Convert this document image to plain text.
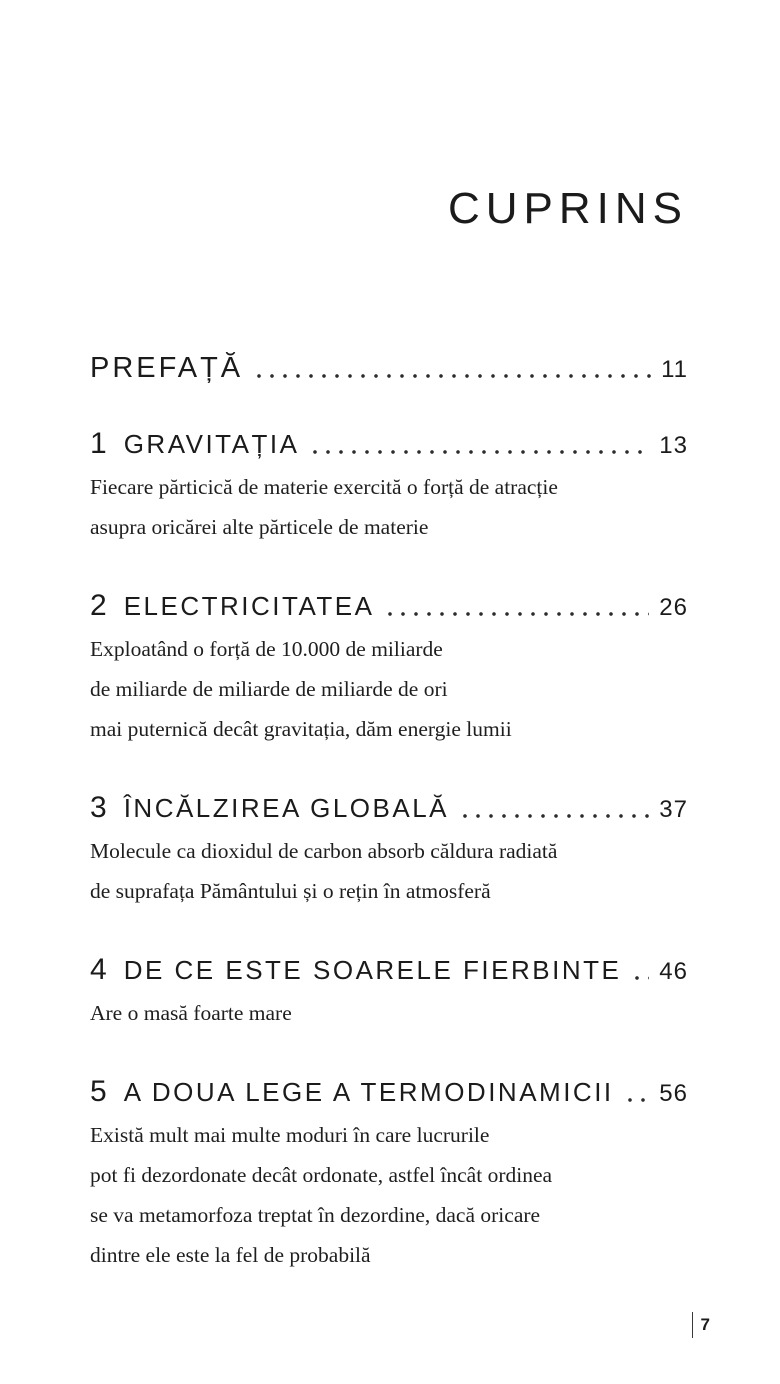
CUPRINS
PREFAȚĂ	11
1 GRAVITAȚIA	13
Fiecare părticică de materie exercită o forță de atracție
asupra oricărei alte părticele de materie
2 ELECTRICITATEA	26
Exploatând o forță de 10.000 de miliarde
de miliarde de miliarde de miliarde de ori
mai puternică decât gravitația, dăm energie lumii
3 ÎNCĂLZIREA GLOBALĂ	37
Molecule ca dioxidul de carbon absorb căldura radiată
de suprafața Pământului și o rețin în atmosferă
4 DE CE ESTE SOARELE FIERBINTE 46
Are o masă foarte mare
5 A DOUA LEGE A TERMODINAMICII 56
Există mult mai multe moduri în care lucrurile
pot fi dezordonate decât ordonate, astfel încât ordinea
se va metamorfoza treptat în dezordine, dacă oricare
dintre ele este la fel de probabilă
7
